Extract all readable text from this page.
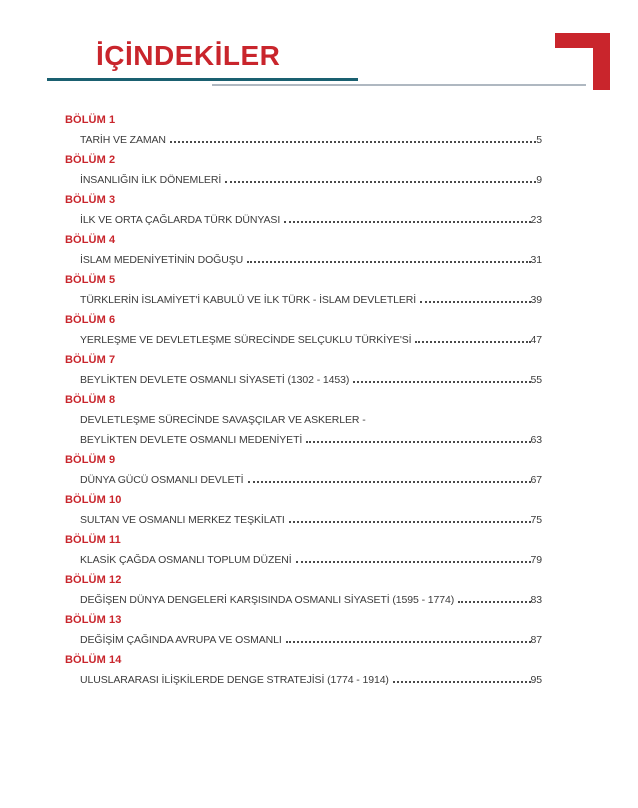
İÇİNDEKİLER
BÖLÜM 1
TARİH VE ZAMAN	5
BÖLÜM 2
İNSANLIĞIN İLK DÖNEMLERİ	9
BÖLÜM 3
İLK VE ORTA ÇAĞLARDA TÜRK DÜNYASI	23
BÖLÜM 4
İSLAM MEDENİYETİNİN DOĞUŞU	31
BÖLÜM 5
TÜRKLERİN İSLAMİYET'İ KABULÜ VE İLK TÜRK - İSLAM DEVLETLERİ	39
BÖLÜM 6
YERLEŞME VE DEVLETLEŞME SÜRECİNDE SELÇUKLU TÜRKİYE'Sİ	47
BÖLÜM 7
BEYLİKTEN DEVLETE OSMANLI SİYASETİ (1302 - 1453)	55
BÖLÜM 8
DEVLETLEŞME SÜRECİNDE SAVAŞÇILAR VE ASKERLER -
BEYLİKTEN DEVLETE OSMANLI MEDENİYETİ	63
BÖLÜM 9
DÜNYA GÜCÜ OSMANLI DEVLETİ	67
BÖLÜM 10
SULTAN VE OSMANLI MERKEZ TEŞKİLATI	75
BÖLÜM 11
KLASİK ÇAĞDA OSMANLI TOPLUM DÜZENİ	79
BÖLÜM 12
DEĞİŞEN DÜNYA DENGELERİ KARŞISINDA OSMANLI SİYASETİ (1595 - 1774)	83
BÖLÜM 13
DEĞİŞİM ÇAĞINDA AVRUPA VE OSMANLI	87
BÖLÜM 14
ULUSLARARASI İLİŞKİLERDE DENGE STRATEJİSİ (1774 - 1914)	95
